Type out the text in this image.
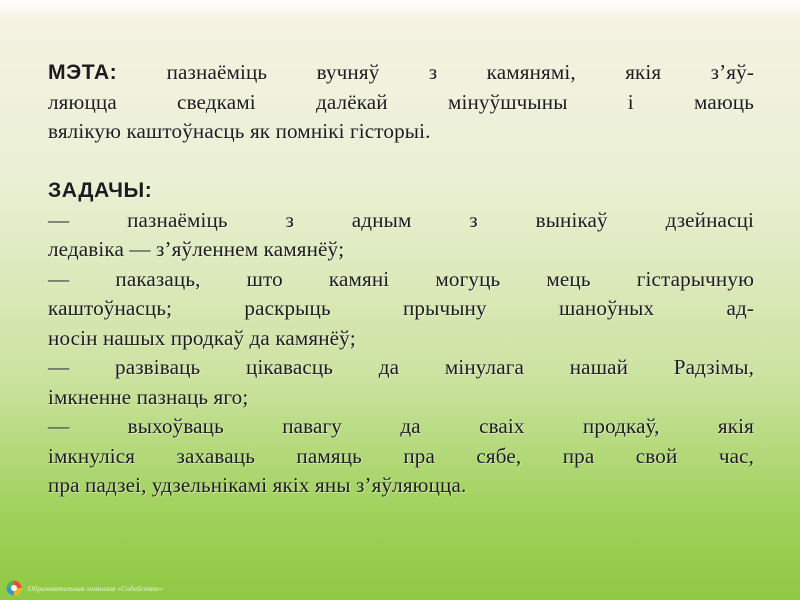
МЭТА: пазнаёміць вучняў з камянямі, якія з’яў-
ляюцца сведкамі далёкай мінуўшчыны і маюць
вялікую каштоўнасць як помнікі гісторыі.
ЗАДАЧЫ:
— пазнаёміць з адным з вынікаў дзейнасці
ледавіка — з’яўленнем камянёў;
— паказаць, што камяні могуць мець гістарычную
каштоўнасць; раскрыць прычыну шаноўных ад-
носін нашых продкаў да камянёў;
— развіваць цікавасць да мінулага нашай Радзімы,
імкненне пазнаць яго;
— выхоўваць павагу да сваіх продкаў, якія
імкнуліся захаваць памяць пра сябе, пра свой час,
пра падзеі, удзельнікамі якіх яны з’яўляюцца.
Образовательная гимназия «Содействие»
